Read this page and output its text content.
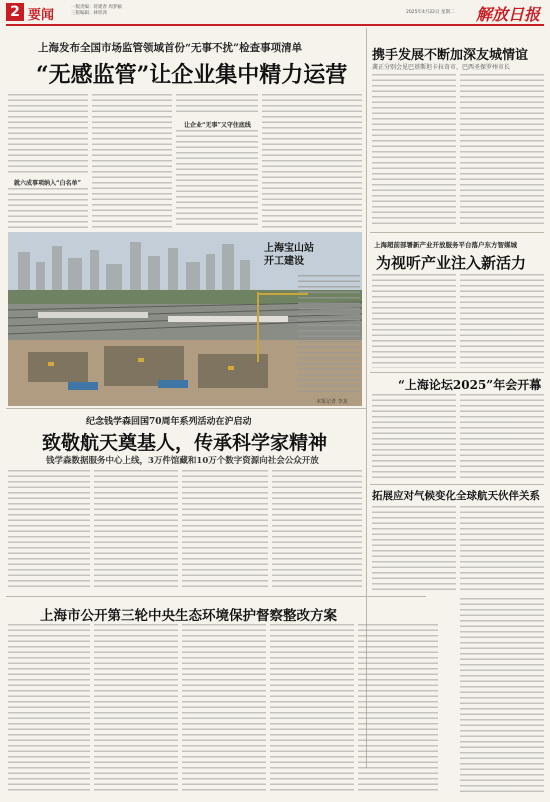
2 要闻
一版责编：蒋建春 周梦颖
三版编辑：林铁鸿	2025年4月22日 星期二 解放日报
上海发布全国市场监管领域首份“无事不扰”检查事项清单
“无感监管”让企业集中精力运营
就六成事项纳入“白名单”
让企业“无事”又守住底线
携手发展不断加深友城情谊
龚正分别会见巴基斯坦卡拉奇市、巴西圣保罗州市长
上海超前部署新产业开放服务平台落户东方智媒城
为视听产业注入新活力
上海宝山站
开工建设
本报记者 李龙
“上海论坛2025”年会开幕
纪念钱学森回国70周年系列活动在沪启动
致敬航天奠基人，传承科学家精神
钱学森数据服务中心上线，3万件馆藏和10万个数字资源向社会公众开放
拓展应对气候变化全球航天伙伴关系
上海市公开第三轮中央生态环境保护督察整改方案
